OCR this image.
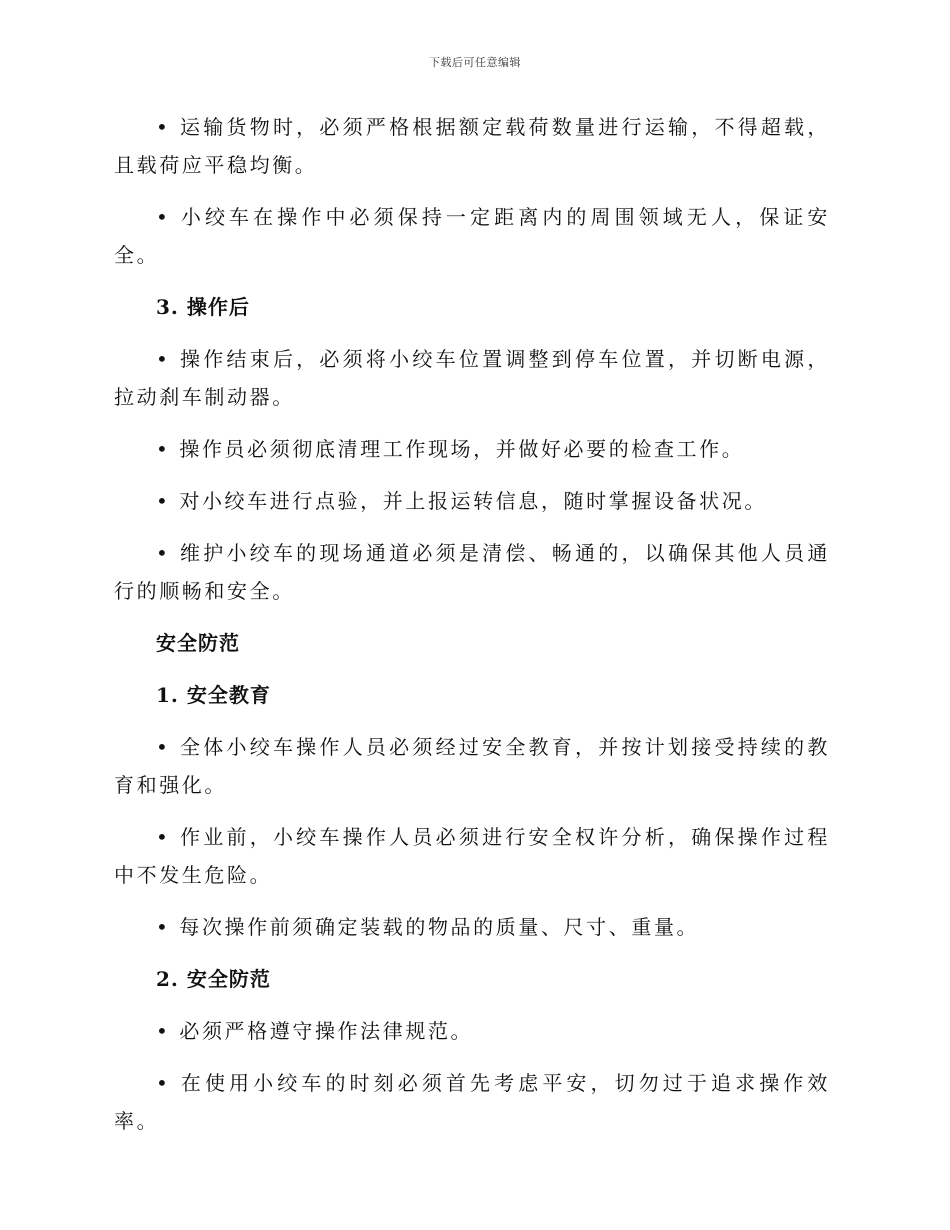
下载后可任意编辑

• 运输货物时，必须严格根据额定载荷数量进行运输，不得超载，且载荷应平稳均衡。

• 小绞车在操作中必须保持一定距离内的周围领域无人，保证安全。

3. 操作后

• 操作结束后，必须将小绞车位置调整到停车位置，并切断电源，拉动刹车制动器。

• 操作员必须彻底清理工作现场，并做好必要的检查工作。

• 对小绞车进行点验，并上报运转信息，随时掌握设备状况。

• 维护小绞车的现场通道必须是清偿、畅通的，以确保其他人员通行的顺畅和安全。

安全防范

1. 安全教育

• 全体小绞车操作人员必须经过安全教育，并按计划接受持续的教育和强化。

• 作业前，小绞车操作人员必须进行安全权许分析，确保操作过程中不发生危险。

• 每次操作前须确定装载的物品的质量、尺寸、重量。

2. 安全防范

• 必须严格遵守操作法律规范。

• 在使用小绞车的时刻必须首先考虑平安，切勿过于追求操作效率。
